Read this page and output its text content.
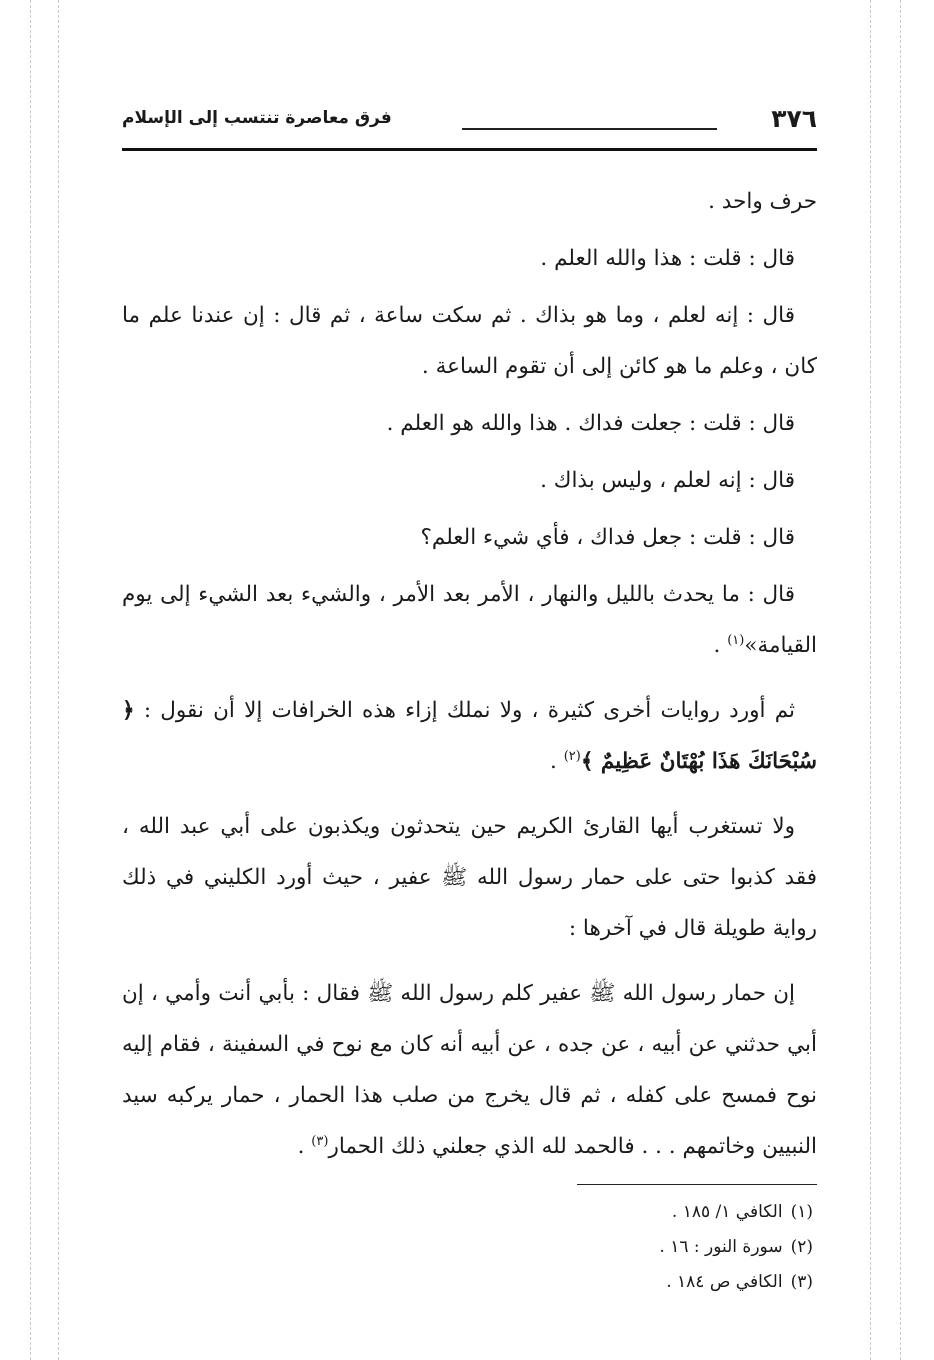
٣٧٦
فرق معاصرة تنتسب إلى الإسلام

حرف واحد .

قال : قلت : هذا والله العلم .

قال : إنه لعلم ، وما هو بذاك . ثم سكت ساعة ، ثم قال : إن عندنا علم ما كان ، وعلم ما هو كائن إلى أن تقوم الساعة .

قال : قلت : جعلت فداك . هذا والله هو العلم .

قال : إنه لعلم ، وليس بذاك .

قال : قلت : جعل فداك ، فأي شيء العلم؟

قال : ما يحدث بالليل والنهار ، الأمر بعد الأمر ، والشيء بعد الشيء إلى يوم القيامة»$^{(١)}$ .

ثم أورد روايات أخرى كثيرة ، ولا نملك إزاء هذه الخرافات إلا أن نقول : ﴿ سُبْحَانَكَ هَذَا بُهْتَانٌ عَظِيمٌ ﴾$^{(٢)}$ .

ولا تستغرب أيها القارئ الكريم حين يتحدثون ويكذبون على أبي عبد الله ، فقد كذبوا حتى على حمار رسول الله ﷺ عفير ، حيث أورد الكليني في ذلك رواية طويلة قال في آخرها :

إن حمار رسول الله ﷺ عفير كلم رسول الله ﷺ فقال : بأبي أنت وأمي ، إن أبي حدثني عن أبيه ، عن جده ، عن أبيه أنه كان مع نوح في السفينة ، فقام إليه نوح فمسح على كفله ، ثم قال يخرج من صلب هذا الحمار ، حمار يركبه سيد النبيين وخاتمهم . . . فالحمد لله الذي جعلني ذلك الحمار$^{(٣)}$ .

(١)الكافي ١/ ١٨٥ .
(٢)سورة النور : ١٦ .
(٣)الكافي ص ١٨٤ .
